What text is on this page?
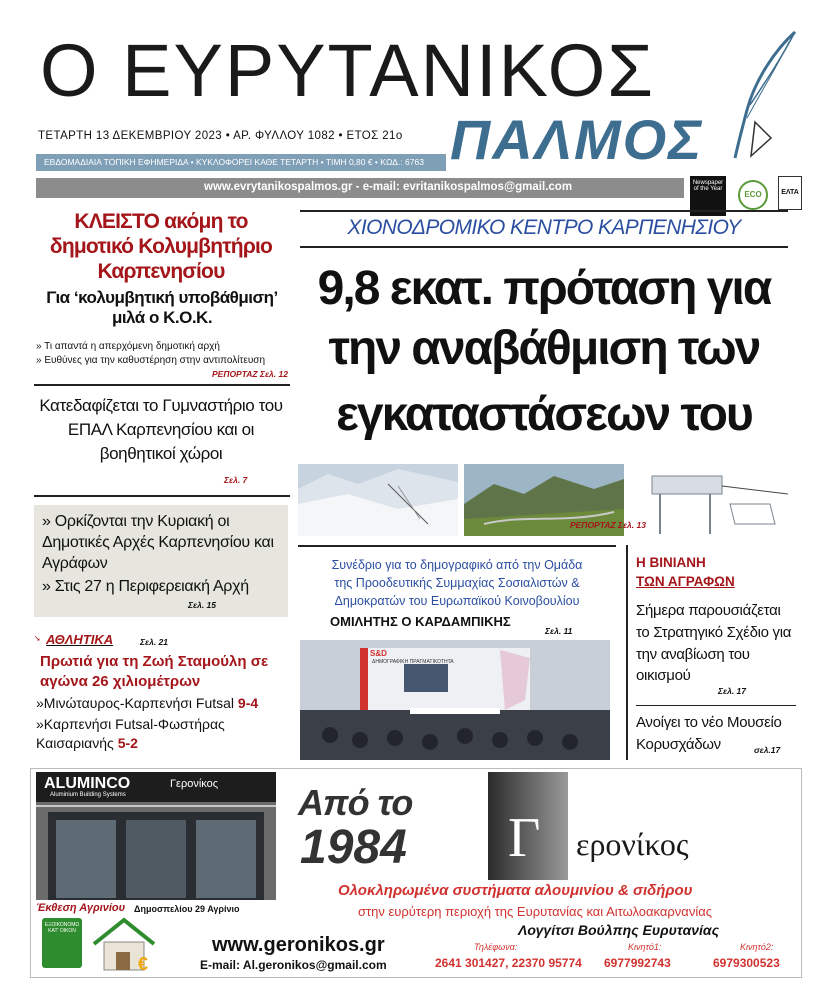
Ο ΕΥΡΥΤΑΝΙΚΟΣ
ΤΕΤΑΡΤΗ 13 ΔΕΚΕΜΒΡΙΟΥ 2023 • ΑΡ. ΦΥΛΛΟΥ 1082 • ΕΤΟΣ 21ο ΠΑΛΜΟΣ
ΕΒΔΟΜΑΔΙΑΙΑ ΤΟΠΙΚΗ ΕΦΗΜΕΡΙΔΑ • ΚΥΚΛΟΦΟΡΕΙ ΚΑΘΕ ΤΕΤΑΡΤΗ • ΤΙΜΗ 0,80 € • ΚΩΔ.: 6763
www.evrytanikospalmos.gr - e-mail: evritanikospalmos@gmail.com	Newspaper of the Year
ECO	ΕΛΤΑ
ΚΛΕΙΣΤΟ ακόμη το δημοτικό Κολυμβητήριο Καρπενησίου
Για ‘κολυμβητική υποβάθμιση’ μιλά ο Κ.Ο.Κ.
» Τι απαντά η απερχόμενη δημοτική αρχή
» Ευθύνες για την καθυστέρηση στην αντιπολίτευση
ΡΕΠΟΡΤΑΖ Σελ. 12
Κατεδαφίζεται το Γυμναστήριο του ΕΠΑΛ Καρπενησίου και οι βοηθητικοί χώροι
Σελ. 7
» Ορκίζονται την Κυριακή οι Δημοτικές Αρχές Καρπενησίου και Αγράφων
» Στις 27 η Περιφερειακή Αρχή
Σελ. 15
➘ ΑΘΛΗΤΙΚΑ	Σελ. 21
Πρωτιά για τη Ζωή Σταμούλη σε αγώνα 26 χιλιομέτρων
»Μινώταυρος-Καρπενήσι Futsal 9-4
»Καρπενήσι Futsal-Φωστήρας Καισαριανής 5-2
ΧΙΟΝΟΔΡΟΜΙΚΟ ΚΕΝΤΡΟ ΚΑΡΠΕΝΗΣΙΟΥ
9,8 εκατ. πρόταση για
την αναβάθμιση των
εγκαταστάσεων του
ΡΕΠΟΡΤΑΖ Σελ. 13
Συνέδριο για το δημογραφικό από την Ομάδα
της Προοδευτικής Συμμαχίας Σοσιαλιστών &
Δημοκρατών του Ευρωπαϊκού Κοινοβουλίου
ΟΜΙΛΗΤΗΣ Ο ΚΑΡΔΑΜΠΙΚΗΣ
Σελ. 11
S&D
ΔΗΜΟΓΡΑΦΙΚΗ ΠΡΑΓΜΑΤΙΚΟΤΗΤΑ
Η ΒΙΝΙΑΝΗ
ΤΩΝ ΑΓΡΑΦΩΝ
Σήμερα παρουσιάζεται το Στρατηγικό Σχέδιο για την αναβίωση του οικισμού
Σελ. 17
Ανοίγει το νέο Μουσείο Κορυσχάδων	σελ.17
ALUMINCO
Aluminium Building Systems
Γερονίκος
Έκθεση Αγρινίου Δημοσπελίου 29 Αγρίνιο
Από το
1984 Γ ερονίκος
Ολοκληρωμένα συστήματα αλουμινίου & σιδήρου
στην ευρύτερη περιοχή της Ευρυτανίας και Αιτωλοακαρνανίας
Λογγίτσι Βούλπης Ευρυτανίας
Τηλέφωνα:
2641 301427, 22370 95774
Κινητό1:
6977992743
Κινητό2:
6979300523
ΕΞΟΙΚΟΝΟΜΩ ΚΑΤ' ΟΙΚΟΝ
€
www.geronikos.gr
E-mail: Al.geronikos@gmail.com
